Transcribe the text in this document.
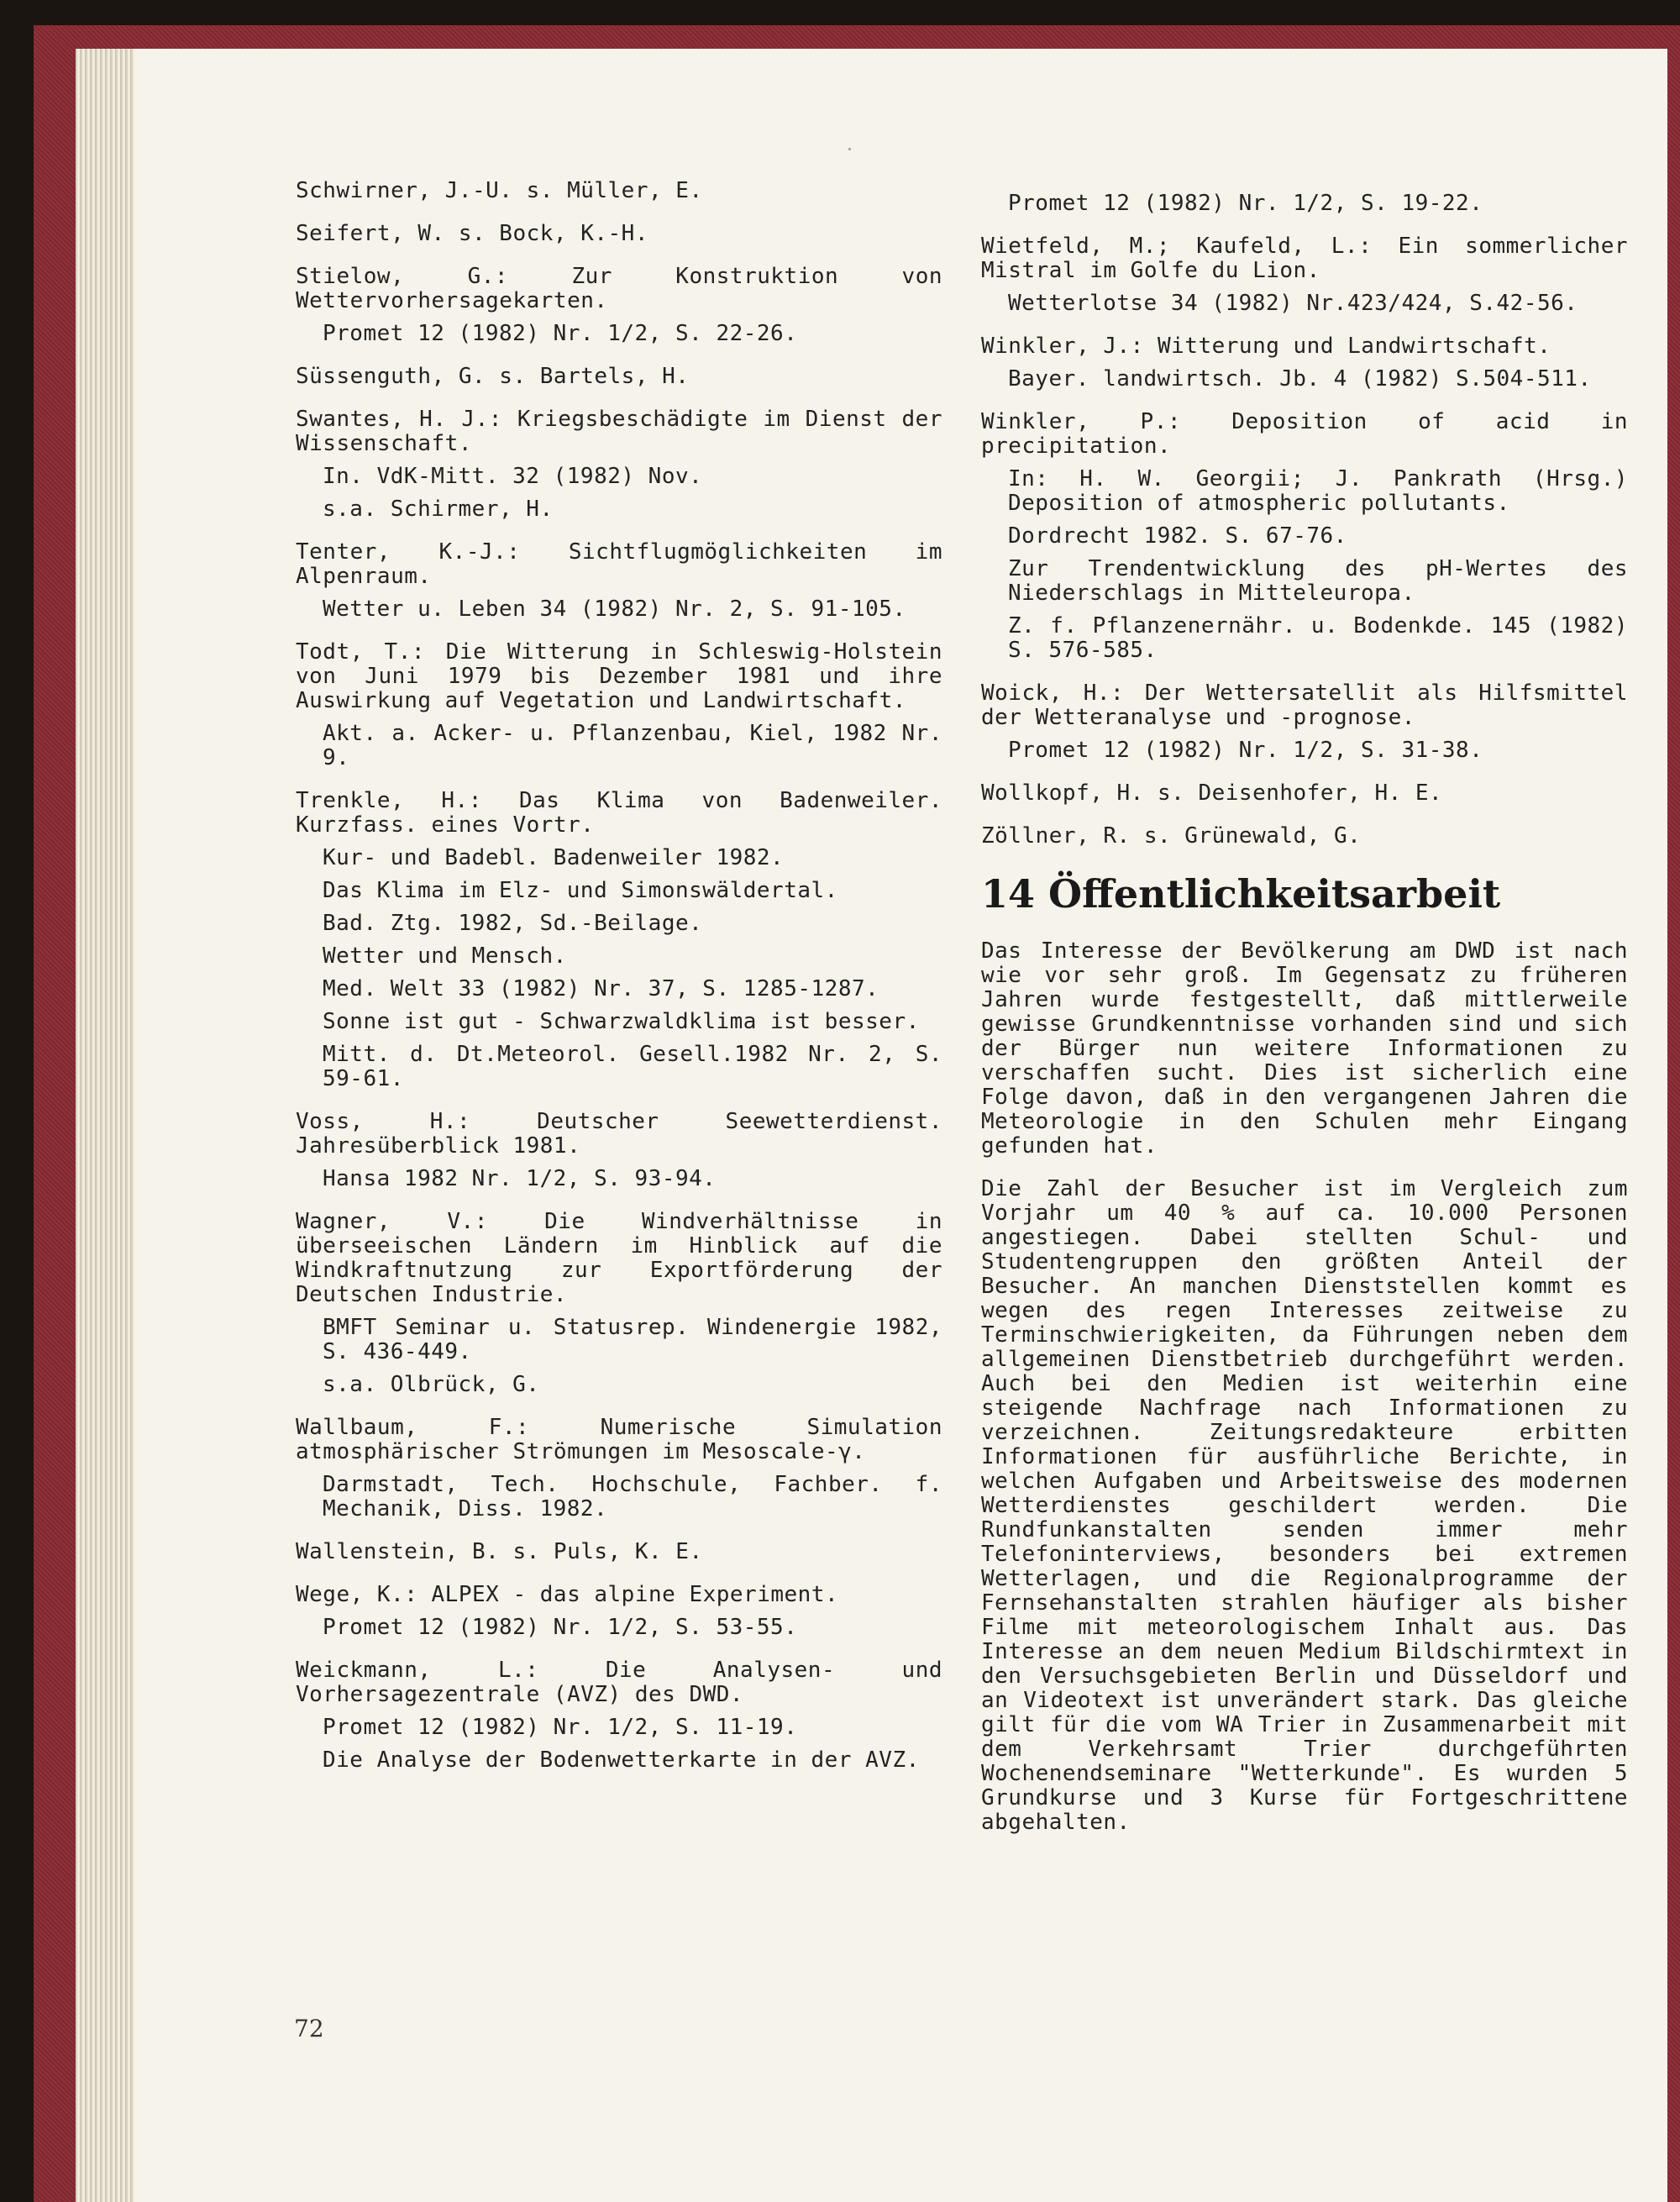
Schwirner, J.-U. s. Müller, E.
Seifert, W. s. Bock, K.-H.
Stielow, G.: Zur Konstruktion von Wettervorhersagekarten.
Promet 12 (1982) Nr. 1/2, S. 22-26.
Süssenguth, G. s. Bartels, H.
Swantes, H. J.: Kriegsbeschädigte im Dienst der Wissenschaft.
In. VdK-Mitt. 32 (1982) Nov.
s.a. Schirmer, H.
Tenter, K.-J.: Sichtflugmöglichkeiten im Alpenraum.
Wetter u. Leben 34 (1982) Nr. 2, S. 91-105.
Todt, T.: Die Witterung in Schleswig-Holstein von Juni 1979 bis Dezember 1981 und ihre Auswirkung auf Vegetation und Landwirtschaft.
Akt. a. Acker- u. Pflanzenbau, Kiel, 1982 Nr. 9.
Trenkle, H.: Das Klima von Badenweiler. Kurzfass. eines Vortr.
Kur- und Badebl. Badenweiler 1982.
Das Klima im Elz- und Simonswäldertal.
Bad. Ztg. 1982, Sd.-Beilage.
Wetter und Mensch.
Med. Welt 33 (1982) Nr. 37, S. 1285-1287.
Sonne ist gut - Schwarzwaldklima ist besser.
Mitt. d. Dt.Meteorol. Gesell.1982 Nr. 2, S. 59-61.
Voss, H.: Deutscher Seewetterdienst. Jahresüberblick 1981.
Hansa 1982 Nr. 1/2, S. 93-94.
Wagner, V.: Die Windverhältnisse in überseeischen Ländern im Hinblick auf die Windkraftnutzung zur Exportförderung der Deutschen Industrie.
BMFT Seminar u. Statusrep. Windenergie 1982, S. 436-449.
s.a. Olbrück, G.
Wallbaum, F.: Numerische Simulation atmosphärischer Strömungen im Mesoscale-γ.
Darmstadt, Tech. Hochschule, Fachber. f. Mechanik, Diss. 1982.
Wallenstein, B. s. Puls, K. E.
Wege, K.: ALPEX - das alpine Experiment.
Promet 12 (1982) Nr. 1/2, S. 53-55.
Weickmann, L.: Die Analysen- und Vorhersagezentrale (AVZ) des DWD.
Promet 12 (1982) Nr. 1/2, S. 11-19.
Die Analyse der Bodenwetterkarte in der AVZ.
Promet 12 (1982) Nr. 1/2, S. 19-22.
Wietfeld, M.; Kaufeld, L.: Ein sommerlicher Mistral im Golfe du Lion.
Wetterlotse 34 (1982) Nr.423/424, S.42-56.
Winkler, J.: Witterung und Landwirtschaft.
Bayer. landwirtsch. Jb. 4 (1982) S.504-511.
Winkler, P.: Deposition of acid in precipitation.
In: H. W. Georgii; J. Pankrath (Hrsg.) Deposition of atmospheric pollutants.
Dordrecht 1982. S. 67-76.
Zur Trendentwicklung des pH-Wertes des Niederschlags in Mitteleuropa.
Z. f. Pflanzenernähr. u. Bodenkde. 145 (1982) S. 576-585.
Woick, H.: Der Wettersatellit als Hilfsmittel der Wetteranalyse und -prognose.
Promet 12 (1982) Nr. 1/2, S. 31-38.
Wollkopf, H. s. Deisenhofer, H. E.
Zöllner, R. s. Grünewald, G.
14 Öffentlichkeitsarbeit
Das Interesse der Bevölkerung am DWD ist nach wie vor sehr groß. Im Gegensatz zu früheren Jahren wurde festgestellt, daß mittlerweile gewisse Grundkenntnisse vorhanden sind und sich der Bürger nun weitere Informationen zu verschaffen sucht. Dies ist sicherlich eine Folge davon, daß in den vergangenen Jahren die Meteorologie in den Schulen mehr Eingang gefunden hat.
Die Zahl der Besucher ist im Vergleich zum Vorjahr um 40 % auf ca. 10.000 Personen angestiegen. Dabei stellten Schul- und Studentengruppen den größten Anteil der Besucher. An manchen Dienststellen kommt es wegen des regen Interesses zeitweise zu Terminschwierigkeiten, da Führungen neben dem allgemeinen Dienstbetrieb durchgeführt werden. Auch bei den Medien ist weiterhin eine steigende Nachfrage nach Informationen zu verzeichnen. Zeitungsredakteure erbitten Informationen für ausführliche Berichte, in welchen Aufgaben und Arbeitsweise des modernen Wetterdienstes geschildert werden. Die Rundfunkanstalten senden immer mehr Telefoninterviews, besonders bei extremen Wetterlagen, und die Regionalprogramme der Fernsehanstalten strahlen häufiger als bisher Filme mit meteorologischem Inhalt aus. Das Interesse an dem neuen Medium Bildschirmtext in den Versuchsgebieten Berlin und Düsseldorf und an Videotext ist unverändert stark. Das gleiche gilt für die vom WA Trier in Zusammenarbeit mit dem Verkehrsamt Trier durchgeführten Wochenendseminare "Wetterkunde". Es wurden 5 Grundkurse und 3 Kurse für Fortgeschrittene abgehalten.
72
